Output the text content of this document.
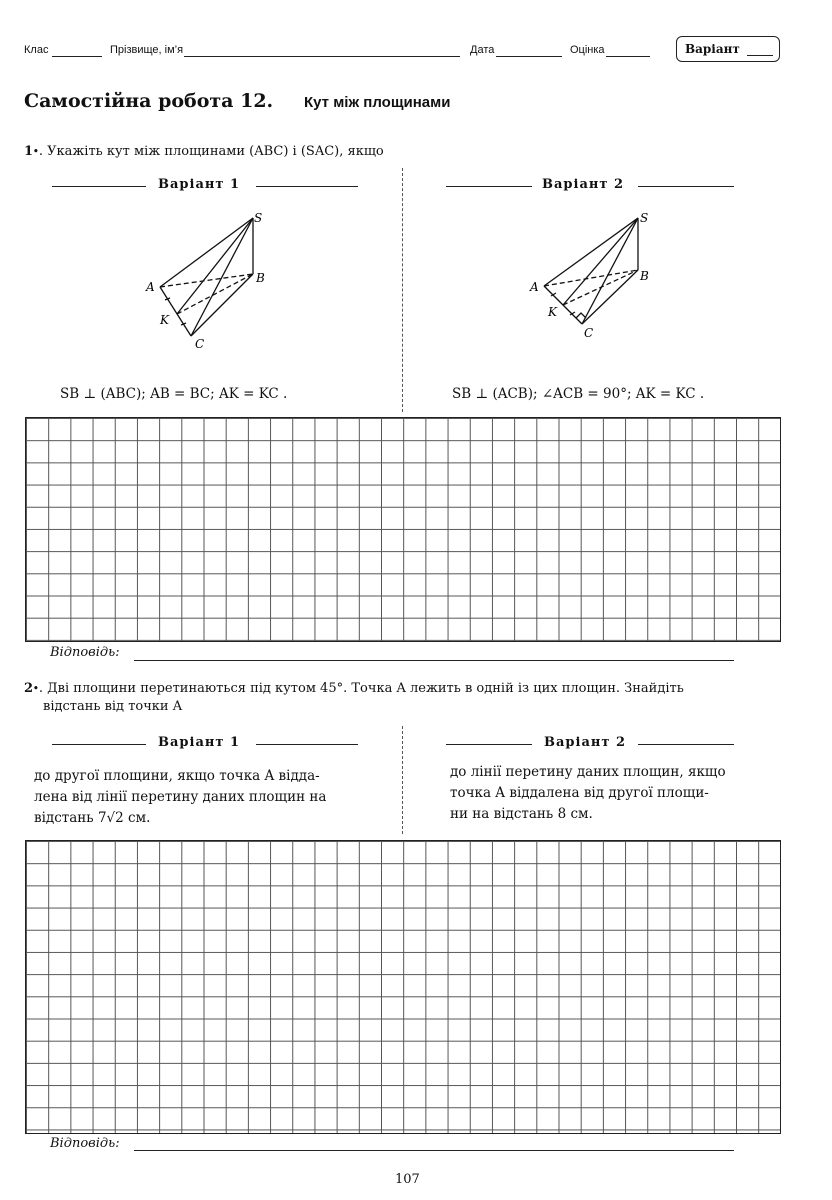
Клас	Прізвище, ім’я	Дата	Оцінка	Варіант
Самостійна робота 12. Кут між площинами
1•. Укажіть кут між площинами (ABC) і (SAC), якщо
Варіант 1	Варіант 2
S
A
B
K
C
S
A
B
K
C
SB ⊥ (ABC); AB = BC; AK = KC .	SB ⊥ (ACB); ∠ACB = 90°; AK = KC .
Відповідь:
2•. Дві площини перетинаються під кутом 45°. Точка A лежить в одній із цих площин. Знайдіть
відстань від точки A
Варіант 1	Варіант 2
до другої площини, якщо точка A відда-
лена від лінії перетину даних площин на
відстань 7√2 см.
до лінії перетину даних площин, якщо
точка A віддалена від другої площи-
ни на відстань 8 см.
Відповідь:
107
